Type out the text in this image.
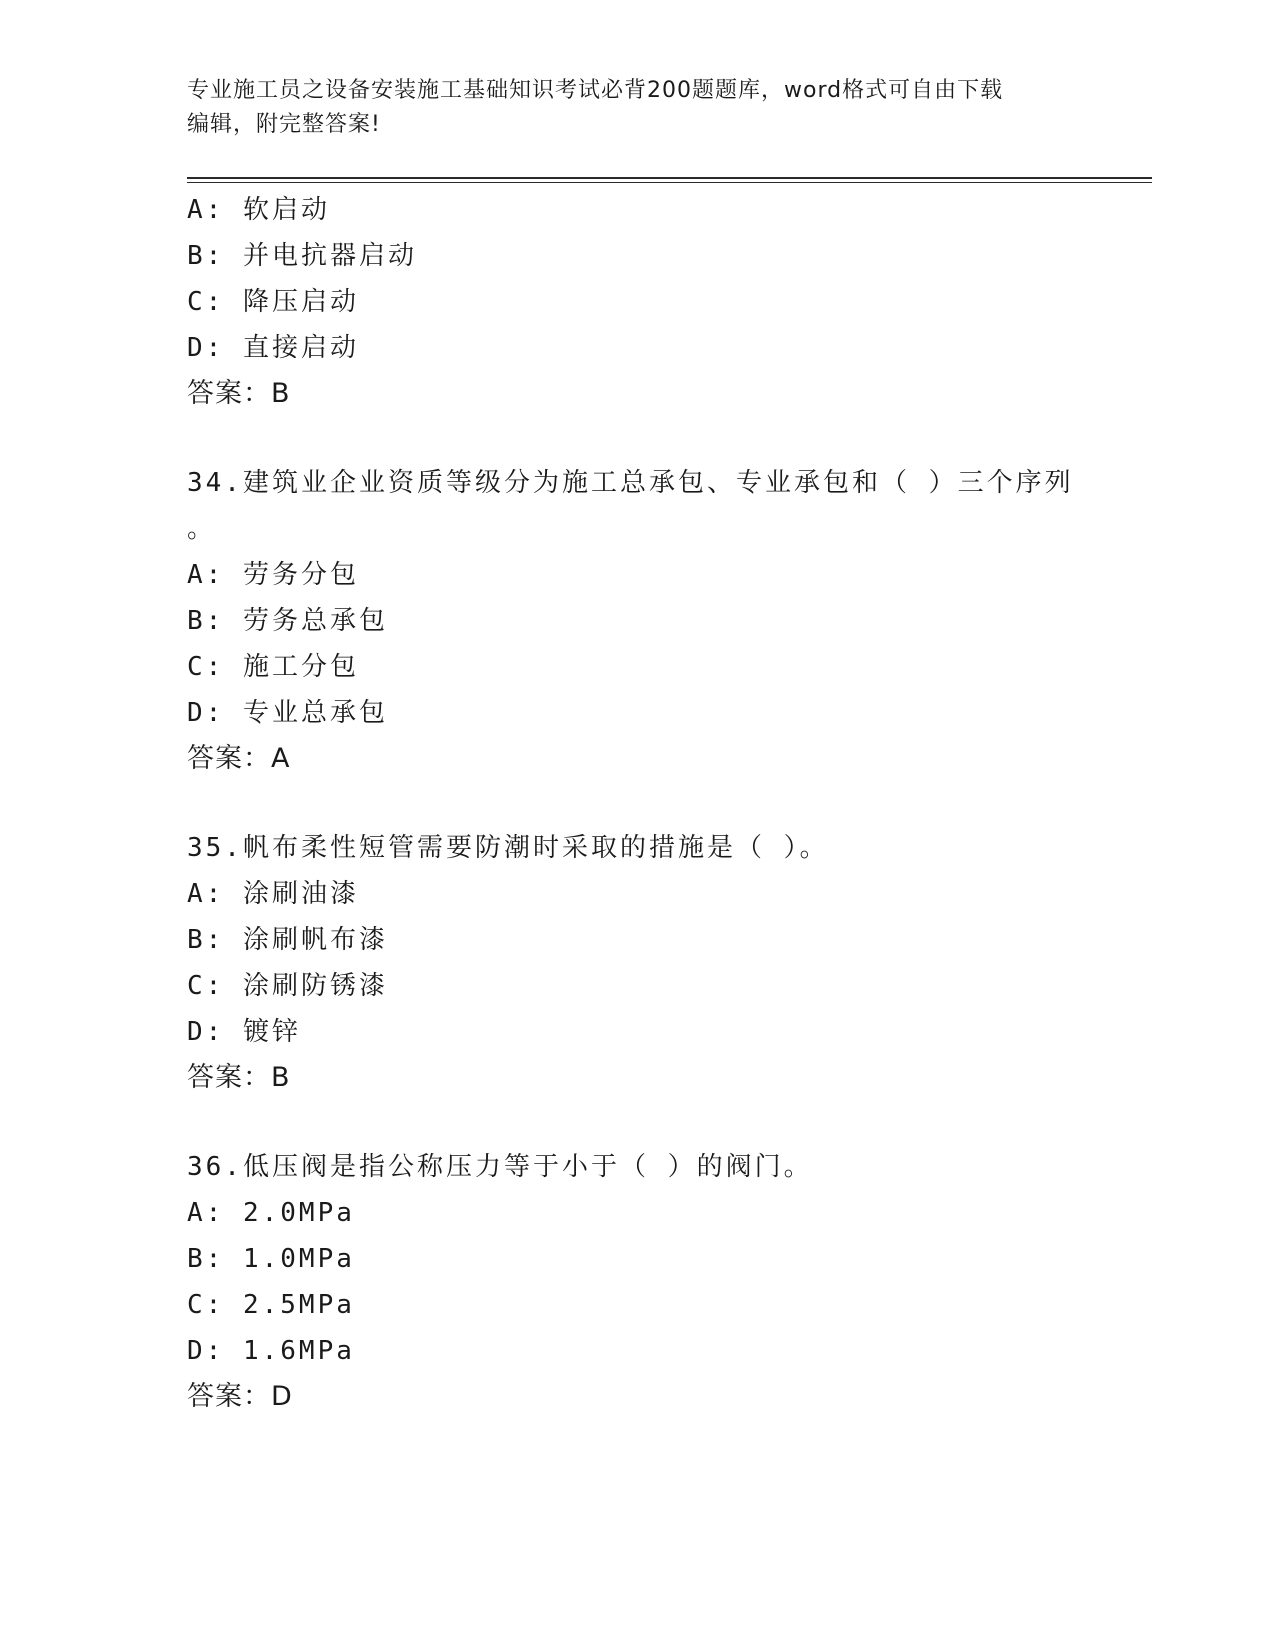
专业施工员之设备安装施工基础知识考试必背200题题库，word格式可自由下载
编辑，附完整答案!
A: 软启动
B: 并电抗器启动
C: 降压启动
D: 直接启动
答案：B
34.建筑业企业资质等级分为施工总承包、专业承包和（ ）三个序列
。
A: 劳务分包
B: 劳务总承包
C: 施工分包
D: 专业总承包
答案：A
35.帆布柔性短管需要防潮时采取的措施是（ ）。
A: 涂刷油漆
B: 涂刷帆布漆
C: 涂刷防锈漆
D: 镀锌
答案：B
36.低压阀是指公称压力等于小于（ ）的阀门。
A: 2.0MPa
B: 1.0MPa
C: 2.5MPa
D: 1.6MPa
答案：D
